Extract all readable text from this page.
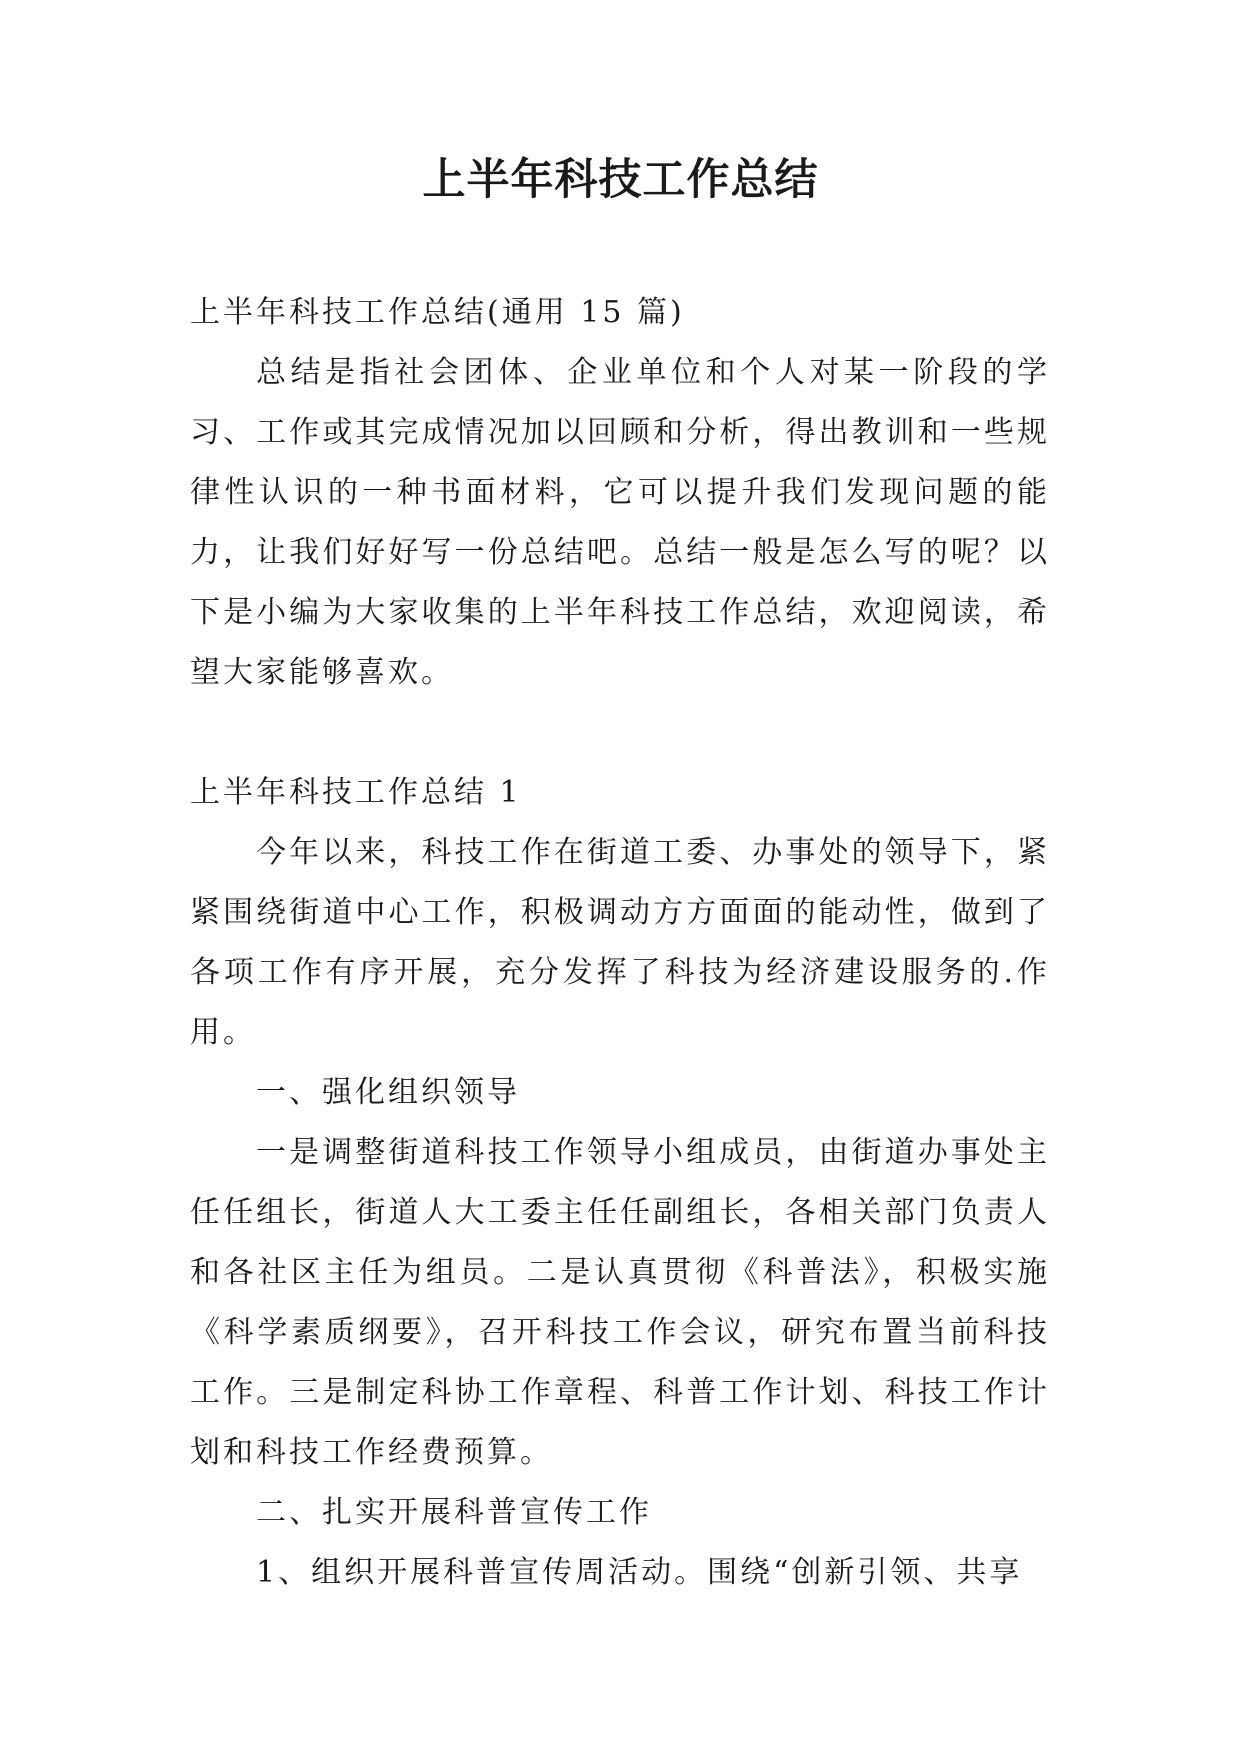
上半年科技工作总结

上半年科技工作总结(通用 15 篇)

总结是指社会团体、企业单位和个人对某一阶段的学习、工作或其完成情况加以回顾和分析，得出教训和一些规律性认识的一种书面材料，它可以提升我们发现问题的能力，让我们好好写一份总结吧。总结一般是怎么写的呢？以下是小编为大家收集的上半年科技工作总结，欢迎阅读，希望大家能够喜欢。

上半年科技工作总结 1

今年以来，科技工作在街道工委、办事处的领导下，紧紧围绕街道中心工作，积极调动方方面面的能动性，做到了各项工作有序开展，充分发挥了科技为经济建设服务的.作用。

一、强化组织领导

一是调整街道科技工作领导小组成员，由街道办事处主任任组长，街道人大工委主任任副组长，各相关部门负责人和各社区主任为组员。二是认真贯彻《科普法》，积极实施《科学素质纲要》，召开科技工作会议，研究布置当前科技工作。三是制定科协工作章程、科普工作计划、科技工作计划和科技工作经费预算。

二、扎实开展科普宣传工作

1、组织开展科普宣传周活动。围绕“创新引领、共享
